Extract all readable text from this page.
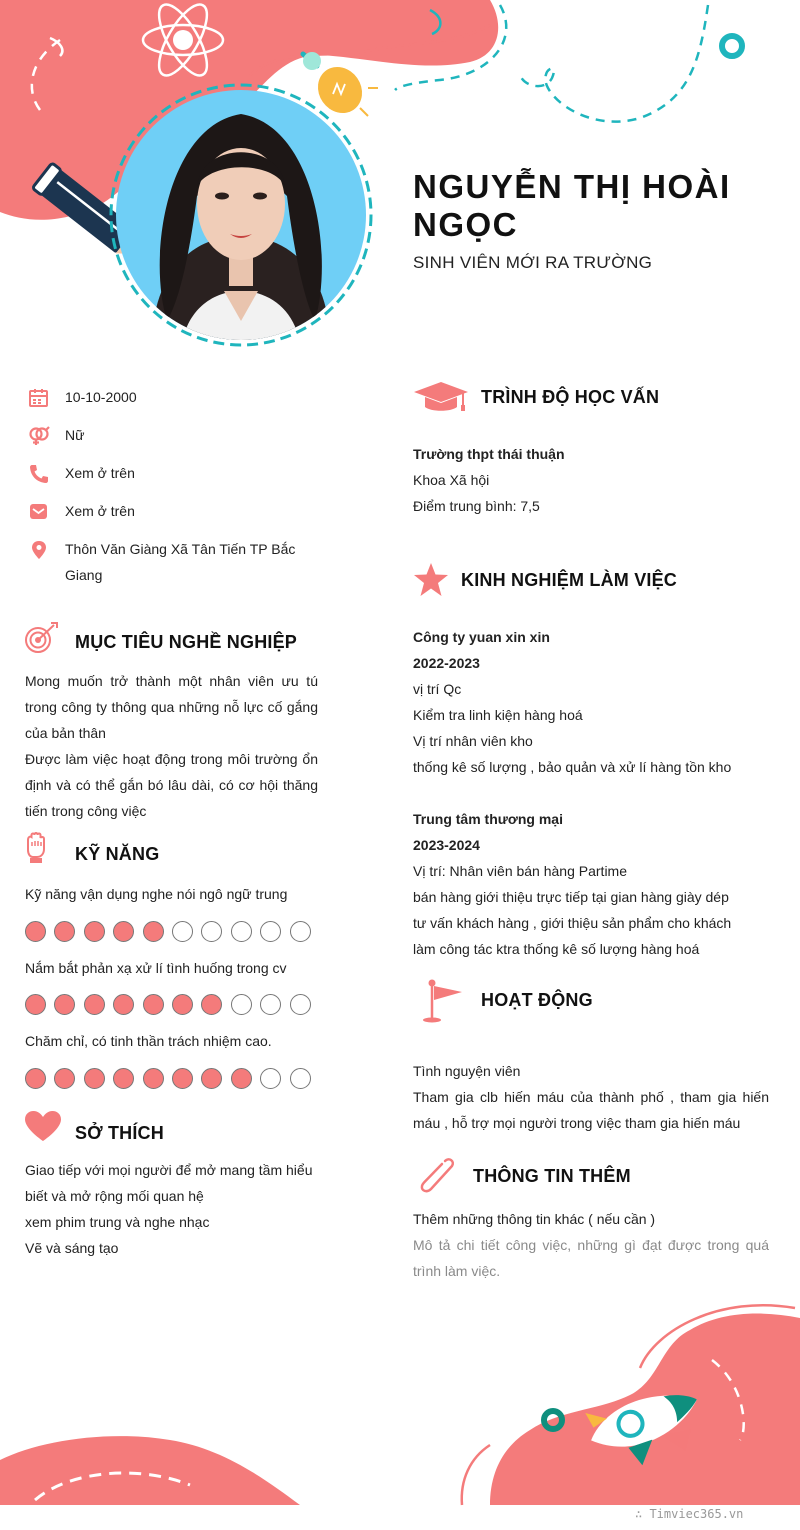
NGUYỄN THỊ HOÀI NGỌC
SINH VIÊN MỚI RA TRƯỜNG
10-10-2000
Nữ
Xem ở trên
Xem ở trên
Thôn Văn Giàng Xã Tân Tiến TP Bắc Giang
MỤC TIÊU NGHỀ NGHIỆP
Mong muốn trở thành một nhân viên ưu tú trong công ty thông qua những nỗ lực cố gắng của bản thân
Được làm việc hoạt động trong môi trường ổn định và có thể gắn bó lâu dài, có cơ hội thăng tiến trong công việc
KỸ NĂNG
Kỹ năng vận dụng nghe nói ngô ngữ trung
Nắm bắt phản xạ xử lí tình huống trong cv
Chăm chỉ, có tinh thần trách nhiệm cao.
SỞ THÍCH
Giao tiếp với mọi người để mở mang tầm hiểu biết và mở rộng mối quan hệ
xem phim trung và nghe nhạc
Vẽ và sáng tạo
TRÌNH ĐỘ HỌC VẤN
Trường thpt thái thuận
Khoa Xã hội
Điểm trung bình: 7,5
KINH NGHIỆM LÀM VIỆC
Công ty yuan xin xin
2022-2023
vị trí Qc
Kiểm tra linh kiện hàng hoá
Vị trí nhân viên kho
thống kê số lượng , bảo quản và xử lí hàng tồn kho
Trung tâm thương mại
2023-2024
Vị trí: Nhân viên bán hàng Partime
bán hàng giới thiệu trực tiếp tại gian hàng giày dép
tư vấn khách hàng , giới thiệu sản phẩm cho khách
làm công tác ktra thống kê số lượng hàng hoá
HOẠT ĐỘNG
Tình nguyện viên
Tham gia clb hiến máu của thành phố , tham gia hiến máu , hỗ trợ mọi người trong việc tham gia hiến máu
THÔNG TIN THÊM
Thêm những thông tin khác ( nếu cần )
Mô tả chi tiết công việc, những gì đạt được trong quá trình làm việc.
∴ Timviec365.vn
